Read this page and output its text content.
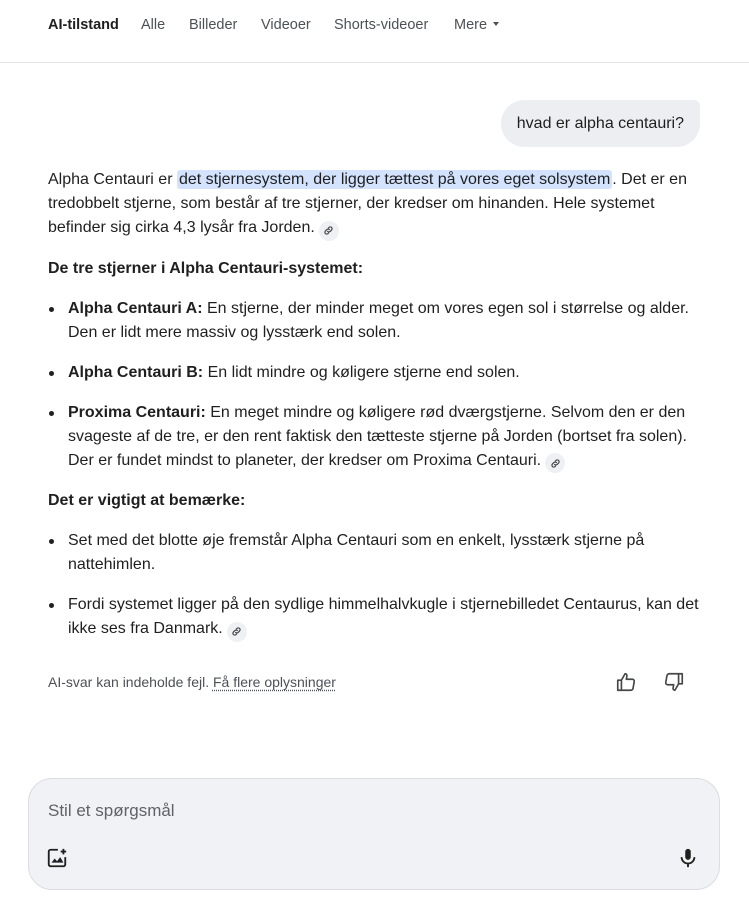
AI-tilstand Alle Billeder Videoer Shorts-videoer Mere
hvad er alpha centauri?

Alpha Centauri er det stjernesystem, der ligger tættest på vores eget solsystem . Det er en tredobbelt stjerne, som består af tre stjerner, der kredser om hinanden. Hele systemet befinder sig cirka 4,3 lysår fra Jorden.

De tre stjerner i Alpha Centauri-systemet:

Alpha Centauri A: En stjerne, der minder meget om vores egen sol i størrelse og alder. Den er lidt mere massiv og lysstærk end solen.
Alpha Centauri B: En lidt mindre og køligere stjerne end solen.
Proxima Centauri: En meget mindre og køligere rød dværgstjerne. Selvom den er den svageste af de tre, er den rent faktisk den tætteste stjerne på Jorden (bortset fra solen). Der er fundet mindst to planeter, der kredser om Proxima Centauri.

Det er vigtigt at bemærke:

Set med det blotte øje fremstår Alpha Centauri som en enkelt, lysstærk stjerne på nattehimlen.
Fordi systemet ligger på den sydlige himmelhalvkugle i stjernebilledet Centaurus, kan det ikke ses fra Danmark.
AI-svar kan indeholde fejl. Få flere oplysninger
Stil et spørgsmål
